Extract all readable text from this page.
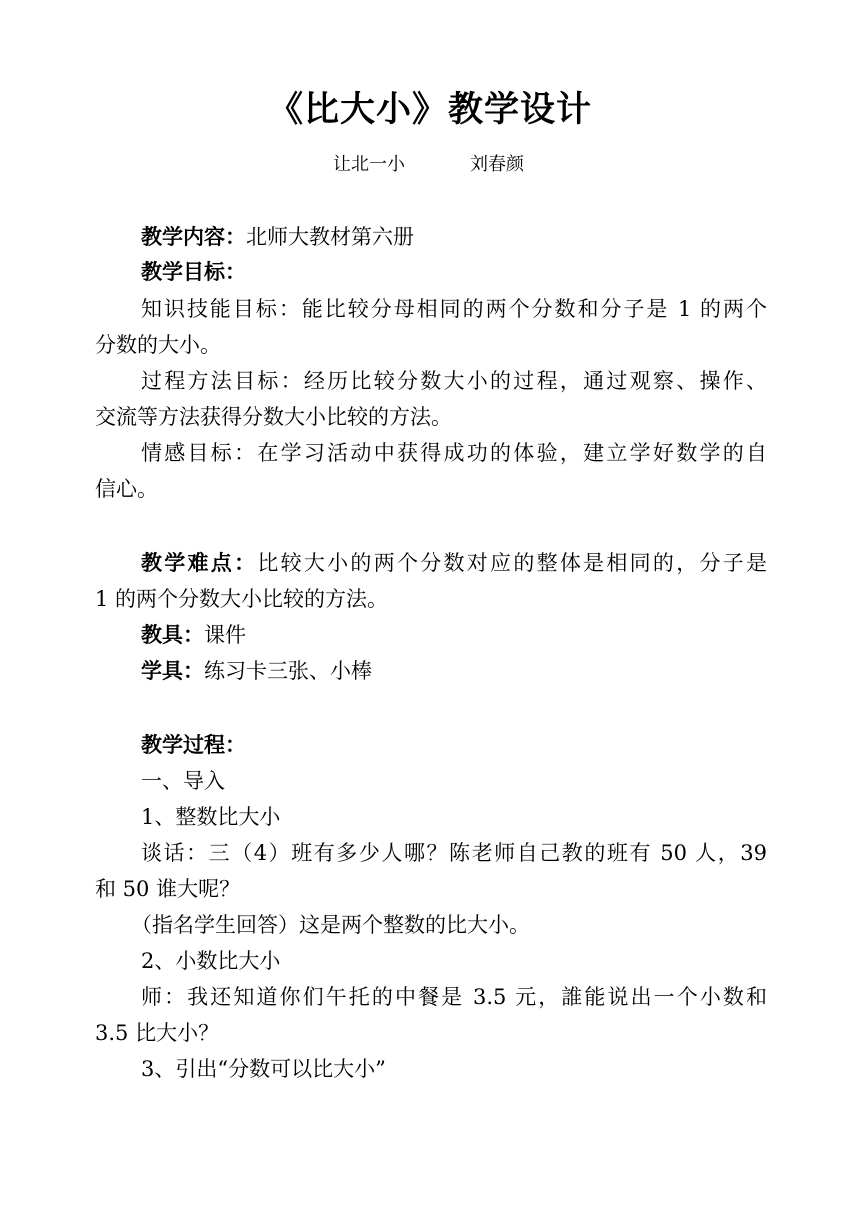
《比大小》教学设计
让北一小	刘春颜
教学内容：北师大教材第六册
教学目标：
知识技能目标：能比较分母相同的两个分数和分子是 1 的两个
分数的大小。
过程方法目标：经历比较分数大小的过程，通过观察、操作、
交流等方法获得分数大小比较的方法。
情感目标：在学习活动中获得成功的体验，建立学好数学的自
信心。
教学难点：比较大小的两个分数对应的整体是相同的，分子是
1 的两个分数大小比较的方法。
教具：课件
学具：练习卡三张、小棒
教学过程：
一、导入
1、整数比大小
谈话：三（4）班有多少人哪？陈老师自己教的班有 50 人，39
和 50 谁大呢？
（指名学生回答）这是两个整数的比大小。
2、小数比大小
师：我还知道你们午托的中餐是 3.5 元，誰能说出一个小数和
3.5 比大小？
3、引出“分数可以比大小”
